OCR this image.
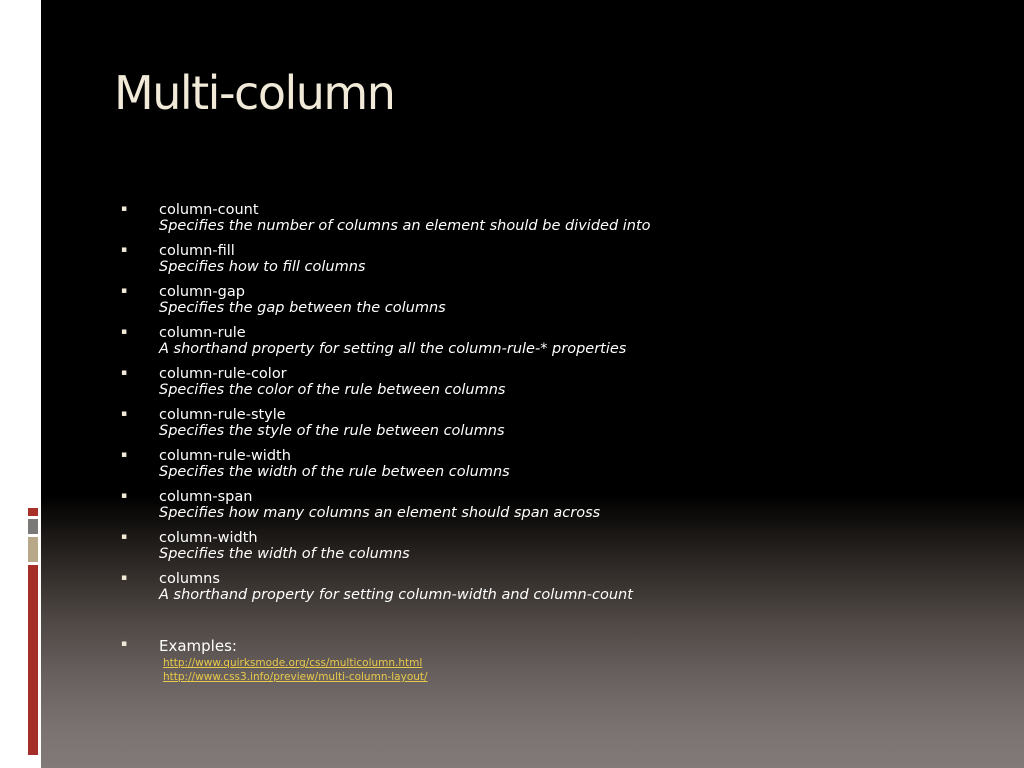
Multi-column
▪ column-count
Specifies the number of columns an element should be divided into
▪ column-fill
Specifies how to fill columns
▪ column-gap
Specifies the gap between the columns
▪ column-rule
A shorthand property for setting all the column-rule-* properties
▪ column-rule-color
Specifies the color of the rule between columns
▪ column-rule-style
Specifies the style of the rule between columns
▪ column-rule-width
Specifies the width of the rule between columns
▪ column-span
Specifies how many columns an element should span across
▪ column-width
Specifies the width of the columns
▪ columns
A shorthand property for setting column-width and column-count
▪ Examples:
http://www.quirksmode.org/css/multicolumn.html
http://www.css3.info/preview/multi-column-layout/
